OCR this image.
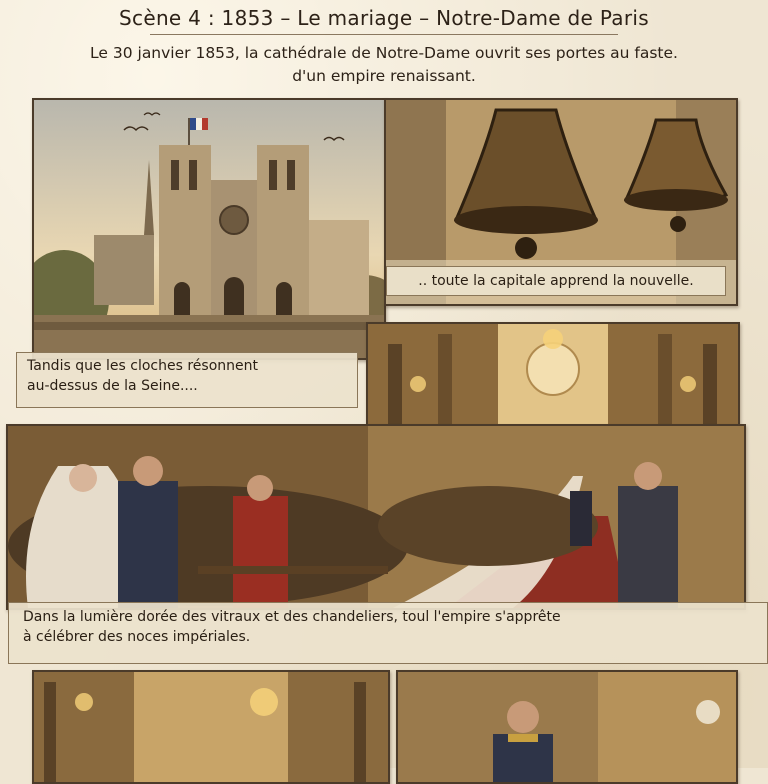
Scène 4 : 1853 – Le mariage – Notre-Dame de Paris
Le 30 janvier 1853, la cathédrale de Notre-Dame ouvrit ses portes au faste.
d'un empire renaissant.
Tandis que les cloches résonnent
au-dessus de la Seine....
.. toute la capitale apprend la nouvelle.
Dans la lumière dorée des vitraux et des chandeliers, toul l'empire s'apprête
à célébrer des noces impériales.
